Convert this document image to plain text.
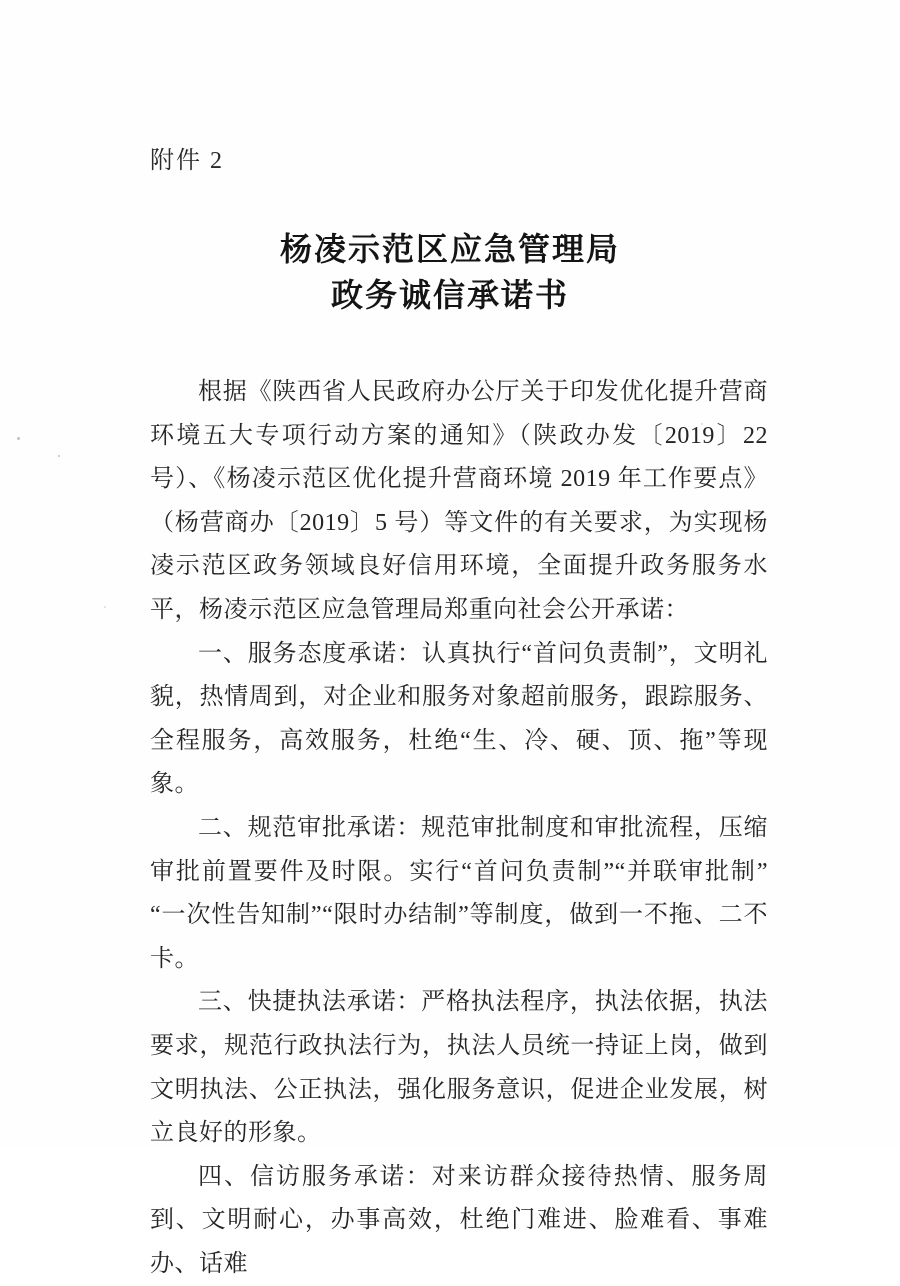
附件 2
杨凌示范区应急管理局
政务诚信承诺书

根据《陕西省人民政府办公厅关于印发优化提升营商环境五大专项行动方案的通知》（陕政办发〔2019〕22 号）、《杨凌示范区优化提升营商环境 2019 年工作要点》（杨营商办〔2019〕5 号）等文件的有关要求，为实现杨凌示范区政务领域良好信用环境，全面提升政务服务水平，杨凌示范区应急管理局郑重向社会公开承诺：

一、服务态度承诺：认真执行“首问负责制”，文明礼貌，热情周到，对企业和服务对象超前服务，跟踪服务、全程服务，高效服务，杜绝“生、冷、硬、顶、拖”等现象。

二、规范审批承诺：规范审批制度和审批流程，压缩审批前置要件及时限。实行“首问负责制”“并联审批制”“一次性告知制”“限时办结制”等制度，做到一不拖、二不卡。

三、快捷执法承诺：严格执法程序，执法依据，执法要求，规范行政执法行为，执法人员统一持证上岗，做到文明执法、公正执法，强化服务意识，促进企业发展，树立良好的形象。

四、信访服务承诺：对来访群众接待热情、服务周到、文明耐心，办事高效，杜绝门难进、脸难看、事难办、话难
